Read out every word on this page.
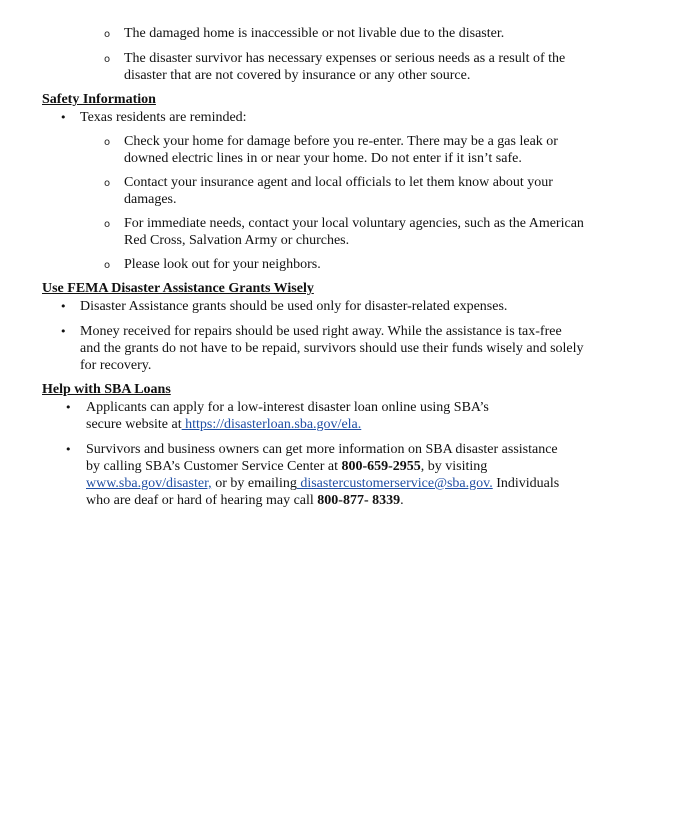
o The damaged home is inaccessible or not livable due to the disaster.
o The disaster survivor has necessary expenses or serious needs as a result of the
disaster that are not covered by insurance or any other source.
Safety Information
• Texas residents are reminded:
o Check your home for damage before you re-enter. There may be a gas leak or
downed electric lines in or near your home. Do not enter if it isn’t safe.
o Contact your insurance agent and local officials to let them know about your
damages.
o For immediate needs, contact your local voluntary agencies, such as the American
Red Cross, Salvation Army or churches.
o Please look out for your neighbors.
Use FEMA Disaster Assistance Grants Wisely
• Disaster Assistance grants should be used only for disaster-related expenses.
• Money received for repairs should be used right away. While the assistance is tax-free
and the grants do not have to be repaid, survivors should use their funds wisely and solely
for recovery.
Help with SBA Loans
• Applicants can apply for a low-interest disaster loan online using SBA’s
secure website at https://disasterloan.sba.gov/ela.
• Survivors and business owners can get more information on SBA disaster assistance
by calling SBA’s Customer Service Center at 800-659-2955, by visiting
www.sba.gov/disaster, or by emailing disastercustomerservice@sba.gov. Individuals
who are deaf or hard of hearing may call 800-877- 8339.
